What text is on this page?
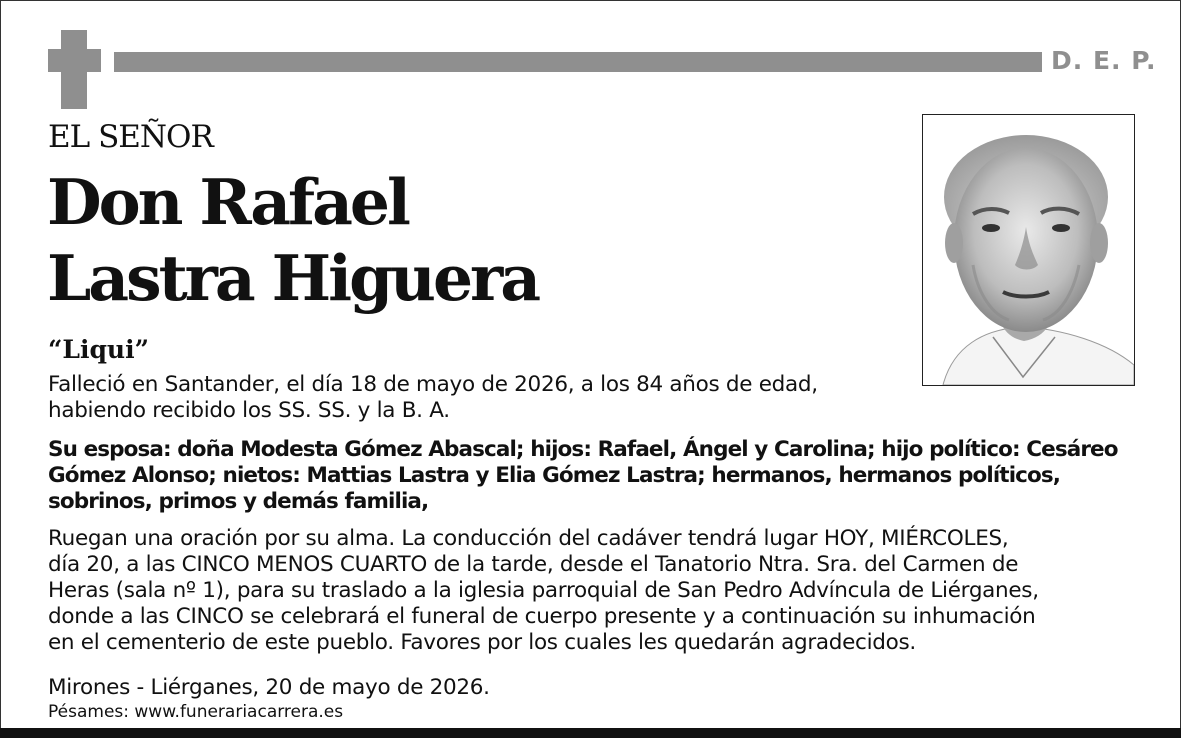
D. E. P.
EL SEÑOR
Don Rafael
Lastra Higuera
“Liqui”
Falleció en Santander, el día 18 de mayo de 2026, a los 84 años de edad,
habiendo recibido los SS. SS. y la B. A.
Su esposa: doña Modesta Gómez Abascal; hijos: Rafael, Ángel y Carolina; hijo político: Cesáreo
Gómez Alonso; nietos: Mattias Lastra y Elia Gómez Lastra; hermanos, hermanos políticos,
sobrinos, primos y demás familia,
Ruegan una oración por su alma. La conducción del cadáver tendrá lugar HOY, MIÉRCOLES,
día 20, a las CINCO MENOS CUARTO de la tarde, desde el Tanatorio Ntra. Sra. del Carmen de
Heras (sala nº 1), para su traslado a la iglesia parroquial de San Pedro Advíncula de Liérganes,
donde a las CINCO se celebrará el funeral de cuerpo presente y a continuación su inhumación
en el cementerio de este pueblo. Favores por los cuales les quedarán agradecidos.
Mirones - Liérganes, 20 de mayo de 2026.
Pésames: www.funerariacarrera.es
